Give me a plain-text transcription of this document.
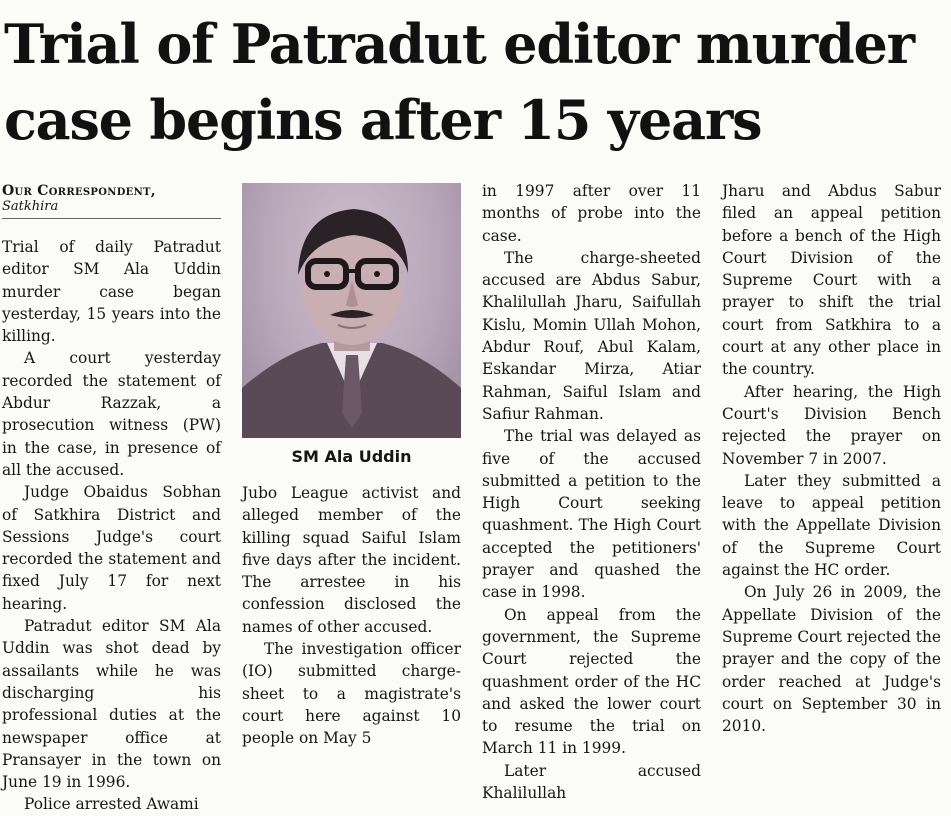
Trial of Patradut editor murder
case begins after 15 years
Our Correspondent,
Satkhira

Trial of daily Patradut editor SM Ala Uddin murder case began yesterday, 15 years into the killing.

A court yesterday recorded the statement of Abdur Razzak, a prosecution witness (PW) in the case, in presence of all the accused.

Judge Obaidus Sobhan of Satkhira District and Sessions Judge's court recorded the statement and fixed July 17 for next hearing.

Patradut editor SM Ala Uddin was shot dead by assailants while he was discharging his professional duties at the newspaper office at Pransayer in the town on June 19 in 1996.

Police arrested Awami

SM Ala Uddin

Jubo League activist and alleged member of the killing squad Saiful Islam five days after the incident. The arrestee in his confession disclosed the names of other accused.

The investigation officer (IO) submitted charge-sheet to a magistrate's court here against 10 people on May 5

in 1997 after over 11 months of probe into the case.

The charge-sheeted accused are Abdus Sabur, Khalilullah Jharu, Saifullah Kislu, Momin Ullah Mohon, Abdur Rouf, Abul Kalam, Eskandar Mirza, Atiar Rahman, Saiful Islam and Safiur Rahman.

The trial was delayed as five of the accused submitted a petition to the High Court seeking quashment. The High Court accepted the petitioners' prayer and quashed the case in 1998.

On appeal from the government, the Supreme Court rejected the quashment order of the HC and asked the lower court to resume the trial on March 11 in 1999.

Later accused Khalilullah

Jharu and Abdus Sabur filed an appeal petition before a bench of the High Court Division of the Supreme Court with a prayer to shift the trial court from Satkhira to a court at any other place in the country.

After hearing, the High Court's Division Bench rejected the prayer on November 7 in 2007.

Later they submitted a leave to appeal petition with the Appellate Division of the Supreme Court against the HC order.

On July 26 in 2009, the Appellate Division of the Supreme Court rejected the prayer and the copy of the order reached at Judge's court on September 30 in 2010.
